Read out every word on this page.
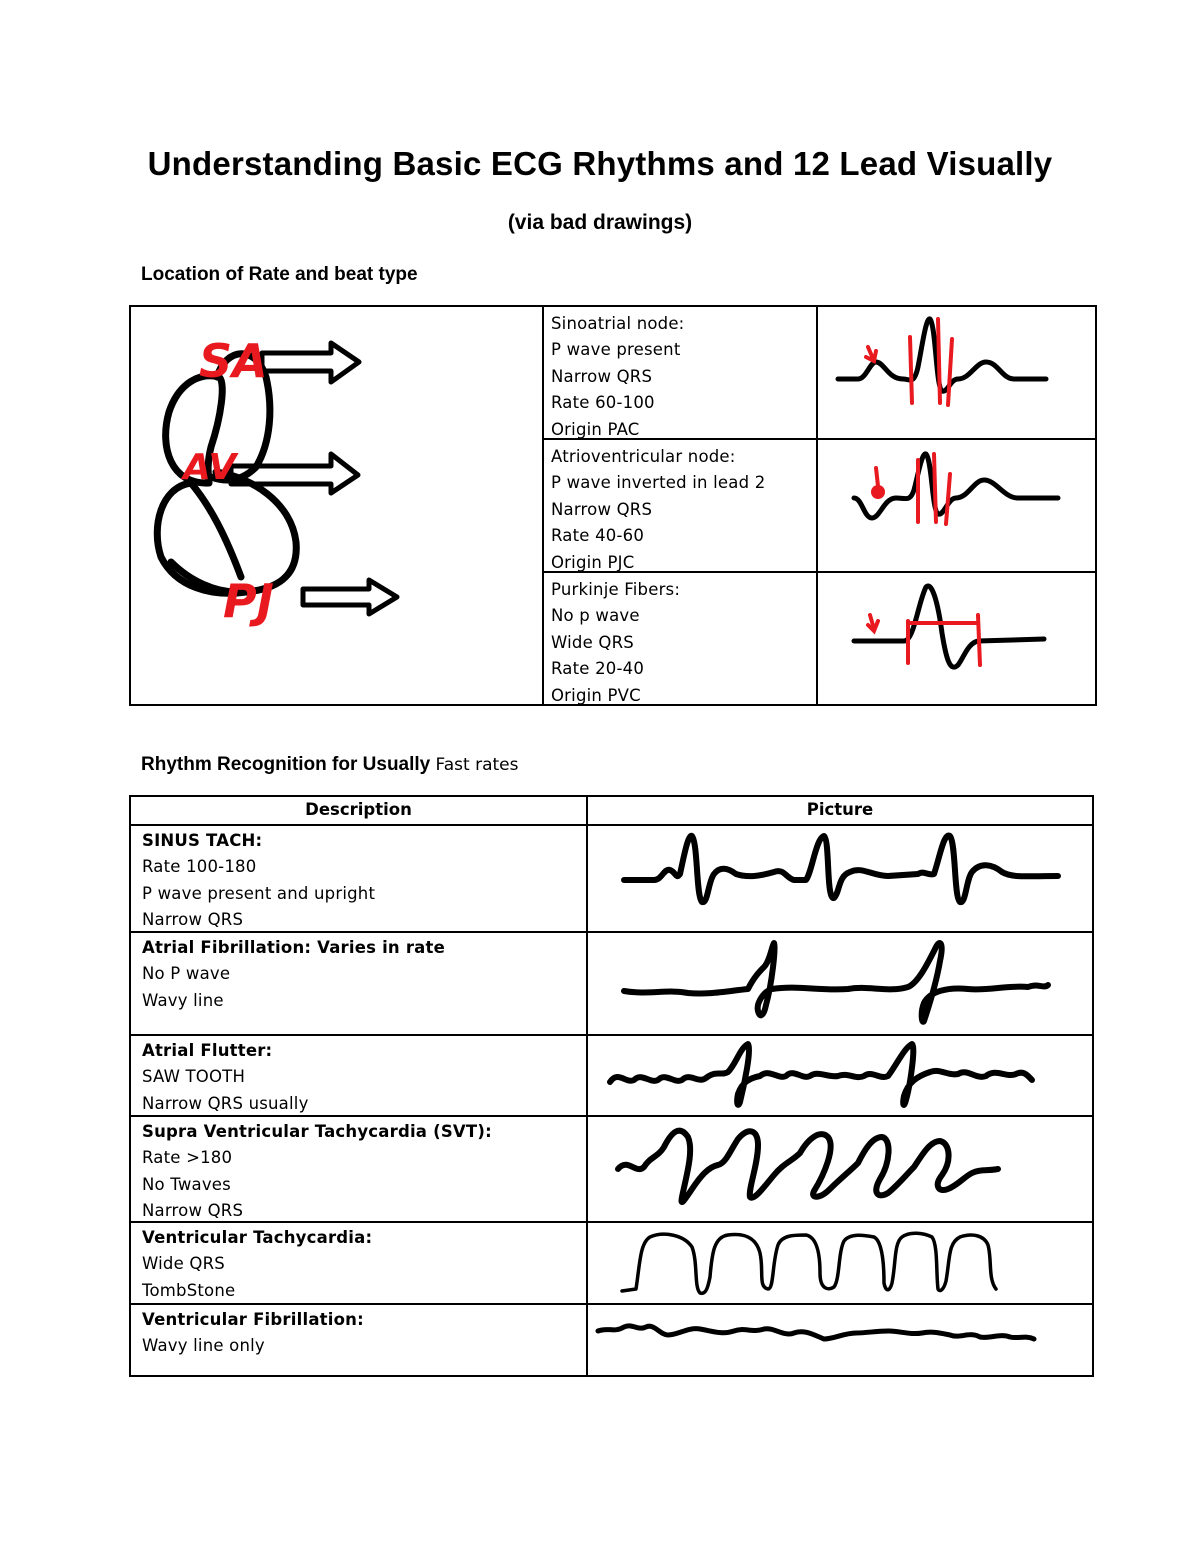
Understanding Basic ECG Rhythms and 12 Lead Visually
(via bad drawings)
Location of Rate and beat type
SA
AV
PJ
Sinoatrial node:
P wave present
Narrow QRS
Rate 60-100
Origin PAC
Atrioventricular node:
P wave inverted in lead 2
Narrow QRS
Rate 40-60
Origin PJC
Purkinje Fibers:
No p wave
Wide QRS
Rate 20-40
Origin PVC
Rhythm Recognition for Usually Fast rates
Description	Picture
SINUS TACH:
Rate 100-180
P wave present and upright
Narrow QRS
Atrial Fibrillation: Varies in rate
No P wave
Wavy line
Atrial Flutter:
SAW TOOTH
Narrow QRS usually
Supra Ventricular Tachycardia (SVT):
Rate >180
No Twaves
Narrow QRS
Ventricular Tachycardia:
Wide QRS
TombStone
Ventricular Fibrillation:
Wavy line only
